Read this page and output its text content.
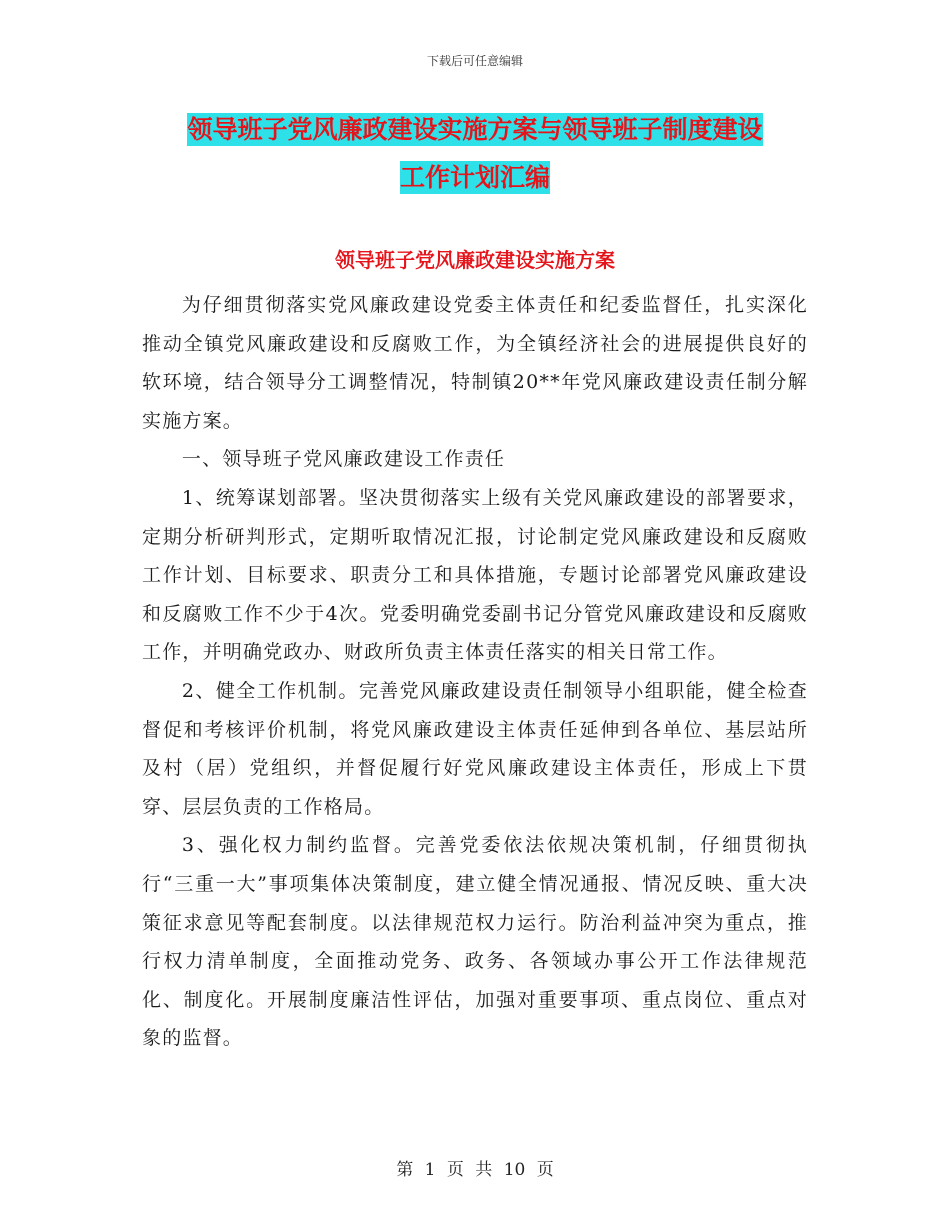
下载后可任意编辑
领导班子党风廉政建设实施方案与领导班子制度建设
工作计划汇编
领导班子党风廉政建设实施方案

为仔细贯彻落实党风廉政建设党委主体责任和纪委监督任，扎实深化推动全镇党风廉政建设和反腐败工作，为全镇经济社会的进展提供良好的软环境，结合领导分工调整情况，特制镇20**年党风廉政建设责任制分解实施方案。

一、领导班子党风廉政建设工作责任

1、统筹谋划部署。坚决贯彻落实上级有关党风廉政建设的部署要求，定期分析研判形式，定期听取情况汇报，讨论制定党风廉政建设和反腐败工作计划、目标要求、职责分工和具体措施，专题讨论部署党风廉政建设和反腐败工作不少于4次。党委明确党委副书记分管党风廉政建设和反腐败工作，并明确党政办、财政所负责主体责任落实的相关日常工作。

2、健全工作机制。完善党风廉政建设责任制领导小组职能，健全检查督促和考核评价机制，将党风廉政建设主体责任延伸到各单位、基层站所及村（居）党组织，并督促履行好党风廉政建设主体责任，形成上下贯穿、层层负责的工作格局。

3、强化权力制约监督。完善党委依法依规决策机制，仔细贯彻执行“三重一大”事项集体决策制度，建立健全情况通报、情况反映、重大决策征求意见等配套制度。以法律规范权力运行。防治利益冲突为重点，推行权力清单制度，全面推动党务、政务、各领域办事公开工作法律规范化、制度化。开展制度廉洁性评估，加强对重要事项、重点岗位、重点对象的监督。

第 1 页 共 10 页
